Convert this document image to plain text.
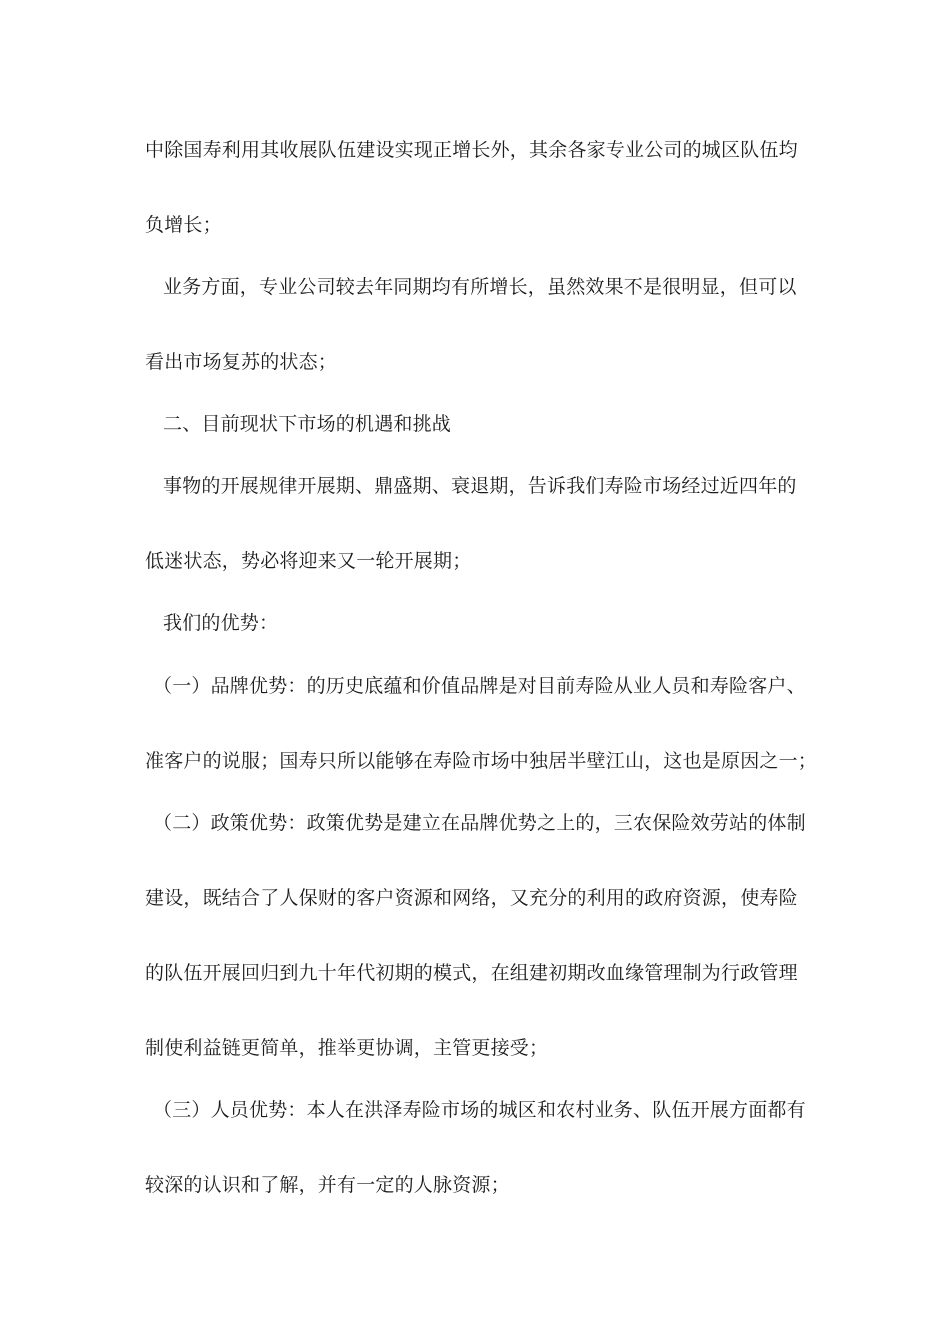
中除国寿利用其收展队伍建设实现正增长外，其余各家专业公司的城区队伍均
负增长；
业务方面，专业公司较去年同期均有所增长，虽然效果不是很明显，但可以
看出市场复苏的状态；
二、目前现状下市场的机遇和挑战
事物的开展规律开展期、鼎盛期、衰退期，告诉我们寿险市场经过近四年的
低迷状态，势必将迎来又一轮开展期；
我们的优势：
（一）品牌优势：的历史底蕴和价值品牌是对目前寿险从业人员和寿险客户、
准客户的说服；国寿只所以能够在寿险市场中独居半壁江山，这也是原因之一；
（二）政策优势：政策优势是建立在品牌优势之上的，三农保险效劳站的体制
建设，既结合了人保财的客户资源和网络，又充分的利用的政府资源，使寿险
的队伍开展回归到九十年代初期的模式，在组建初期改血缘管理制为行政管理
制使利益链更简单，推举更协调，主管更接受；
（三）人员优势：本人在洪泽寿险市场的城区和农村业务、队伍开展方面都有
较深的认识和了解，并有一定的人脉资源；
